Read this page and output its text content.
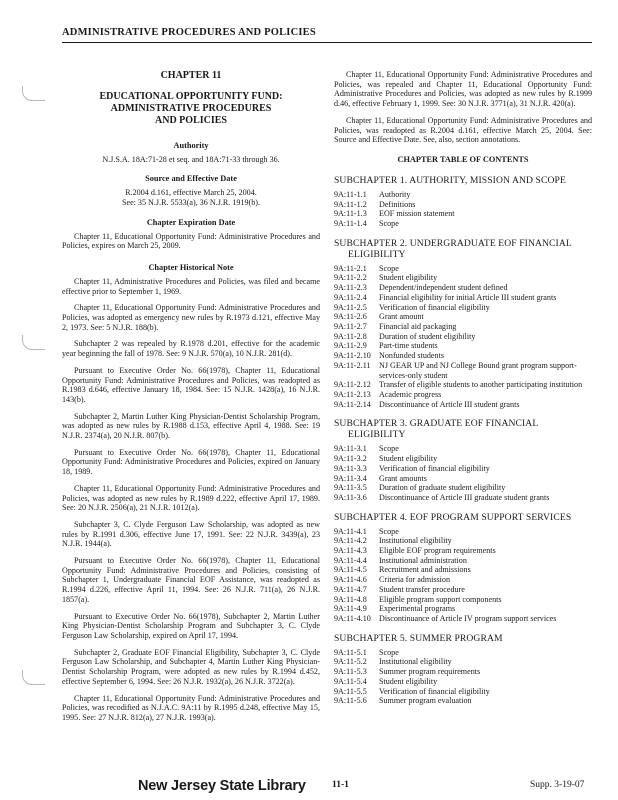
ADMINISTRATIVE PROCEDURES AND POLICIES
CHAPTER 11
EDUCATIONAL OPPORTUNITY FUND:
ADMINISTRATIVE PROCEDURES
AND POLICIES
Authority
N.J.S.A. 18A:71-28 et seq. and 18A:71-33 through 36.
Source and Effective Date
R.2004 d.161, effective March 25, 2004.
See: 35 N.J.R. 5533(a), 36 N.J.R. 1919(b).
Chapter Expiration Date
Chapter 11, Educational Opportunity Fund: Administrative Procedures and Policies, expires on March 25, 2009.
Chapter Historical Note
Chapter 11, Administrative Procedures and Policies, was filed and became effective prior to September 1, 1969.
Chapter 11, Educational Opportunity Fund: Administrative Procedures and Policies, was adopted as emergency new rules by R.1973 d.121, effective May 2, 1973. See: 5 N.J.R. 188(b).
Subchapter 2 was repealed by R.1978 d.201, effective for the academic year beginning the fall of 1978. See: 9 N.J.R. 570(a), 10 N.J.R. 281(d).
Pursuant to Executive Order No. 66(1978), Chapter 11, Educational Opportunity Fund: Administrative Procedures and Policies, was readopted as R.1983 d.646, effective January 18, 1984. See: 15 N.J.R. 1428(a), 16 N.J.R. 143(b).
Subchapter 2, Martin Luther King Physician-Dentist Scholarship Program, was adopted as new rules by R.1988 d.153, effective April 4, 1988. See: 19 N.J.R. 2374(a), 20 N.J.R. 807(b).
Pursuant to Executive Order No. 66(1978), Chapter 11, Educational Opportunity Fund: Administrative Procedures and Policies, expired on January 18, 1989.
Chapter 11, Educational Opportunity Fund: Administrative Procedures and Policies, was adopted as new rules by R.1989 d.222, effective April 17, 1989. See: 20 N.J.R. 2506(a), 21 N.J.R. 1012(a).
Subchapter 3, C. Clyde Ferguson Law Scholarship, was adopted as new rules by R.1991 d.306, effective June 17, 1991. See: 22 N.J.R. 3439(a), 23 N.J.R. 1944(a).
Pursuant to Executive Order No. 66(1978), Chapter 11, Educational Opportunity Fund: Administrative Procedures and Policies, consisting of Subchapter 1, Undergraduate Financial EOF Assistance, was readopted as R.1994 d.226, effective April 11, 1994. See: 26 N.J.R. 711(a), 26 N.J.R. 1857(a).
Pursuant to Executive Order No. 66(1978), Subchapter 2, Martin Luther King Physician-Dentist Scholarship Program and Subchapter 3, C. Clyde Ferguson Law Scholarship, expired on April 17, 1994.
Subchapter 2, Graduate EOF Financial Eligibility, Subchapter 3, C. Clyde Ferguson Law Scholarship, and Subchapter 4, Martin Luther King Physician-Dentist Scholarship Program, were adopted as new rules by R.1994 d.452, effective September 6, 1994. See: 26 N.J.R. 1932(a), 26 N.J.R. 3722(a).
Chapter 11, Educational Opportunity Fund: Administrative Procedures and Policies, was recodified as N.J.A.C. 9A:11 by R.1995 d.248, effective May 15, 1995. See: 27 N.J.R. 812(a), 27 N.J.R. 1993(a).
Chapter 11, Educational Opportunity Fund: Administrative Procedures and Policies, was repealed and Chapter 11, Educational Opportunity Fund: Administrative Procedures and Policies, was adopted as new rules by R.1999 d.46, effective February 1, 1999. See: 30 N.J.R. 3771(a), 31 N.J.R. 420(a).
Chapter 11, Educational Opportunity Fund: Administrative Procedures and Policies, was readopted as R.2004 d.161, effective March 25, 2004. See: Source and Effective Date. See, also, section annotations.
CHAPTER TABLE OF CONTENTS
SUBCHAPTER 1. AUTHORITY, MISSION AND SCOPE
9A:11-1.1	Authority
9A:11-1.2	Definitions
9A:11-1.3	EOF mission statement
9A:11-1.4	Scope
SUBCHAPTER 2. UNDERGRADUATE EOF FINANCIAL
ELIGIBILITY
9A:11-2.1	Scope
9A:11-2.2	Student eligibility
9A:11-2.3	Dependent/independent student defined
9A:11-2.4	Financial eligibility for initial Article III student grants
9A:11-2.5	Verification of financial eligibility
9A:11-2.6	Grant amount
9A:11-2.7	Financial aid packaging
9A:11-2.8	Duration of student eligibility
9A:11-2.9	Part-time students
9A:11-2.10	Nonfunded students
9A:11-2.11	NJ GEAR UP and NJ College Bound grant program support-services-only student
9A:11-2.12	Transfer of eligible students to another participating institution
9A:11-2.13	Academic progress
9A:11-2.14	Discontinuance of Article III student grants
SUBCHAPTER 3. GRADUATE EOF FINANCIAL
ELIGIBILITY
9A:11-3.1	Scope
9A:11-3.2	Student eligibility
9A:11-3.3	Verification of financial eligibility
9A:11-3.4	Grant amounts
9A:11-3.5	Duration of graduate student eligibility
9A:11-3.6	Discontinuance of Article III graduate student grants
SUBCHAPTER 4. EOF PROGRAM SUPPORT SERVICES
9A:11-4.1	Scope
9A:11-4.2	Institutional eligibility
9A:11-4.3	Eligible EOF program requirements
9A:11-4.4	Institutional administration
9A:11-4.5	Recruitment and admissions
9A:11-4.6	Criteria for admission
9A:11-4.7	Student transfer procedure
9A:11-4.8	Eligible program support components
9A:11-4.9	Experimental programs
9A:11-4.10	Discontinuance of Article IV program support services
SUBCHAPTER 5. SUMMER PROGRAM
9A:11-5.1	Scope
9A:11-5.2	Institutional eligibility
9A:11-5.3	Summer program requirements
9A:11-5.4	Student eligibility
9A:11-5.5	Verification of financial eligibility
9A:11-5.6	Summer program evaluation
New Jersey State Library	11-1	Supp. 3-19-07
